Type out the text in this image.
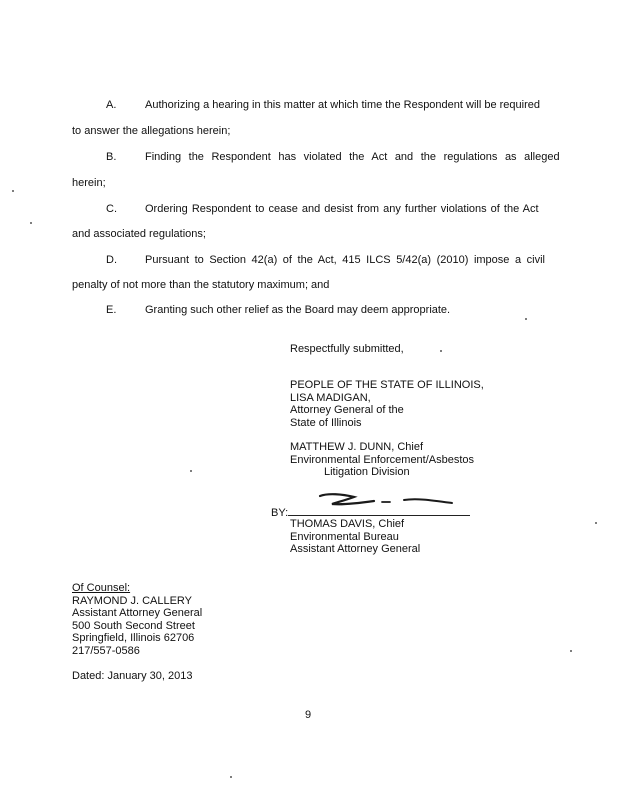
A.	Authorizing a hearing in this matter at which time the Respondent will be required
to answer the allegations herein;
B.	Finding the Respondent has violated the Act and the regulations as alleged
herein;
C.	Ordering Respondent to cease and desist from any further violations of the Act
and associated regulations;
D.	Pursuant to Section 42(a) of the Act, 415 ILCS 5/42(a) (2010) impose a civil
penalty of not more than the statutory maximum; and
E.	Granting such other relief as the Board may deem appropriate.
Respectfully submitted,
PEOPLE OF THE STATE OF ILLINOIS,
LISA MADIGAN,
Attorney General of the
State of Illinois
MATTHEW J. DUNN, Chief
Environmental Enforcement/Asbestos
Litigation Division
BY:
THOMAS DAVIS, Chief
Environmental Bureau
Assistant Attorney General
Of Counsel:
RAYMOND J. CALLERY
Assistant Attorney General
500 South Second Street
Springfield, Illinois 62706
217/557-0586
Dated: January 30, 2013
9
